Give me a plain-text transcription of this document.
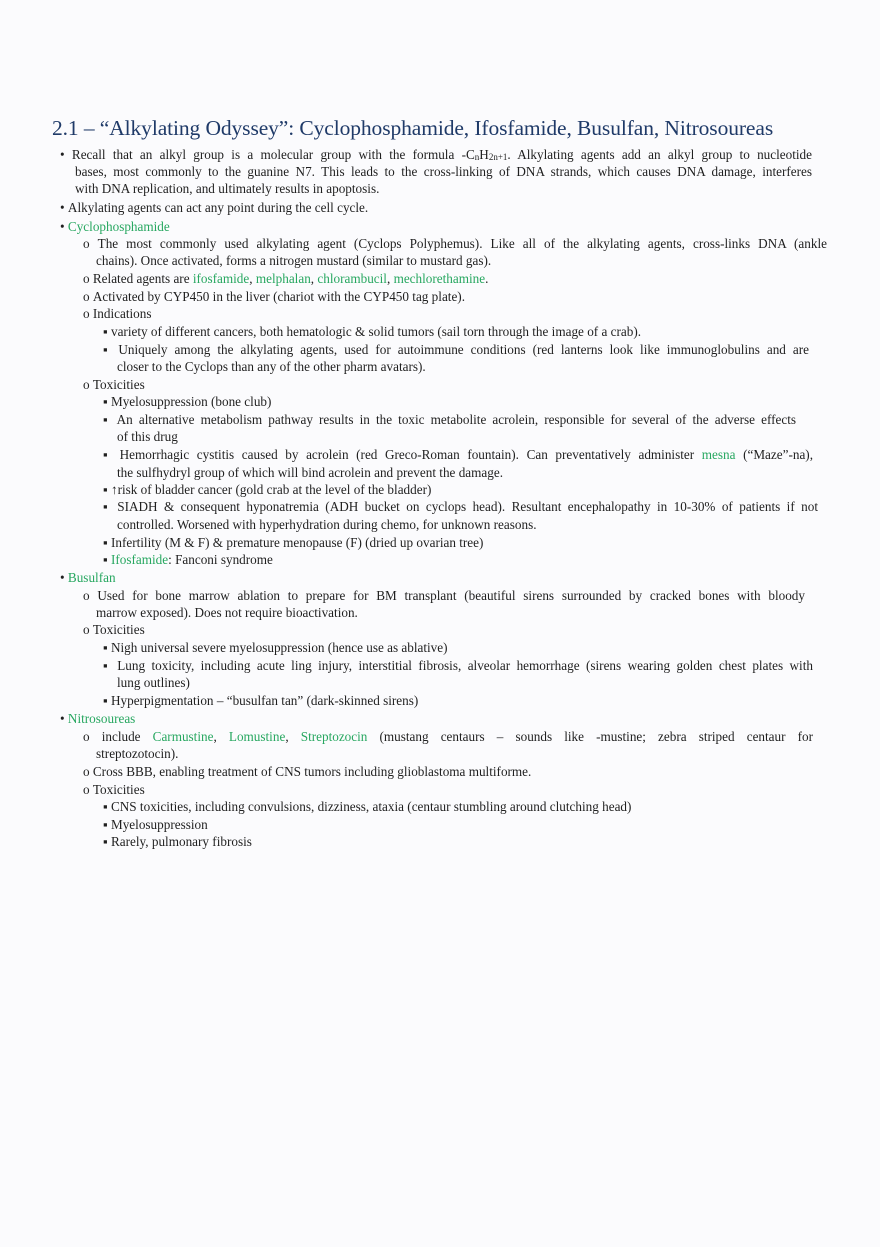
2.1 – “Alkylating Odyssey”: Cyclophosphamide, Ifosfamide, Busulfan, Nitrosoureas
• Recall that an alkyl group is a molecular group with the formula $-C_nH_{2n+1}$. Alkylating agents add an alkyl group to nucleotide
bases, most commonly to the guanine N7. This leads to the cross-linking of DNA strands, which causes DNA damage, interferes
with DNA replication, and ultimately results in apoptosis.
• Alkylating agents can act any point during the cell cycle.
• Cyclophosphamide
o The most commonly used alkylating agent (Cyclops Polyphemus). Like all of the alkylating agents, cross-links DNA (ankle
chains). Once activated, forms a nitrogen mustard (similar to mustard gas).
o Related agents are ifosfamide, melphalan, chlorambucil, mechlorethamine.
o Activated by CYP450 in the liver (chariot with the CYP450 tag plate).
o Indications
▪ variety of different cancers, both hematologic & solid tumors (sail torn through the image of a crab).
▪ Uniquely among the alkylating agents, used for autoimmune conditions (red lanterns look like immunoglobulins and are
closer to the Cyclops than any of the other pharm avatars).
o Toxicities
▪ Myelosuppression (bone club)
▪ An alternative metabolism pathway results in the toxic metabolite acrolein, responsible for several of the adverse effects
of this drug
▪ Hemorrhagic cystitis caused by acrolein (red Greco-Roman fountain). Can preventatively administer mesna (“Maze”-na),
the sulfhydryl group of which will bind acrolein and prevent the damage.
▪ ↑risk of bladder cancer (gold crab at the level of the bladder)
▪ SIADH & consequent hyponatremia (ADH bucket on cyclops head). Resultant encephalopathy in 10-30% of patients if not
controlled. Worsened with hyperhydration during chemo, for unknown reasons.
▪ Infertility (M & F) & premature menopause (F) (dried up ovarian tree)
▪ Ifosfamide: Fanconi syndrome
• Busulfan
o Used for bone marrow ablation to prepare for BM transplant (beautiful sirens surrounded by cracked bones with bloody
marrow exposed). Does not require bioactivation.
o Toxicities
▪ Nigh universal severe myelosuppression (hence use as ablative)
▪ Lung toxicity, including acute ling injury, interstitial fibrosis, alveolar hemorrhage (sirens wearing golden chest plates with
lung outlines)
▪ Hyperpigmentation – “busulfan tan” (dark-skinned sirens)
• Nitrosoureas
o include Carmustine, Lomustine, Streptozocin (mustang centaurs – sounds like -mustine; zebra striped centaur for
streptozotocin).
o Cross BBB, enabling treatment of CNS tumors including glioblastoma multiforme.
o Toxicities
▪ CNS toxicities, including convulsions, dizziness, ataxia (centaur stumbling around clutching head)
▪ Myelosuppression
▪ Rarely, pulmonary fibrosis
